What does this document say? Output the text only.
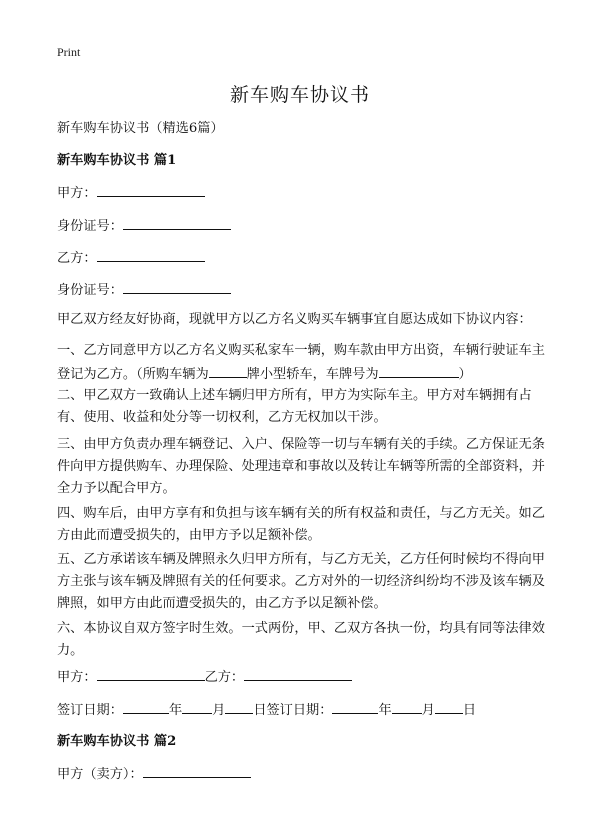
Print
新车购车协议书
新车购车协议书（精选6篇）
新车购车协议书 篇1
甲方：
身份证号：
乙方：
身份证号：
甲乙双方经友好协商，现就甲方以乙方名义购买车辆事宜自愿达成如下协议内容：
一、乙方同意甲方以乙方名义购买私家车一辆，购车款由甲方出资，车辆行驶证车主登记为乙方。（所购车辆为	牌小型轿车，车牌号为	）
二、甲乙双方一致确认上述车辆归甲方所有，甲方为实际车主。甲方对车辆拥有占有、使用、收益和处分等一切权利，乙方无权加以干涉。
三、由甲方负责办理车辆登记、入户、保险等一切与车辆有关的手续。乙方保证无条件向甲方提供购车、办理保险、处理违章和事故以及转让车辆等所需的全部资料，并全力予以配合甲方。
四、购车后，由甲方享有和负担与该车辆有关的所有权益和责任，与乙方无关。如乙方由此而遭受损失的，由甲方予以足额补偿。
五、乙方承诺该车辆及牌照永久归甲方所有，与乙方无关，乙方任何时候均不得向甲方主张与该车辆及牌照有关的任何要求。乙方对外的一切经济纠纷均不涉及该车辆及牌照，如甲方由此而遭受损失的，由乙方予以足额补偿。
六、本协议自双方签字时生效。一式两份，甲、乙双方各执一份，均具有同等法律效力。
甲方：	乙方：
签订日期：	年 月 日签订日期：	年 月 日
新车购车协议书 篇2
甲方（卖方）：
